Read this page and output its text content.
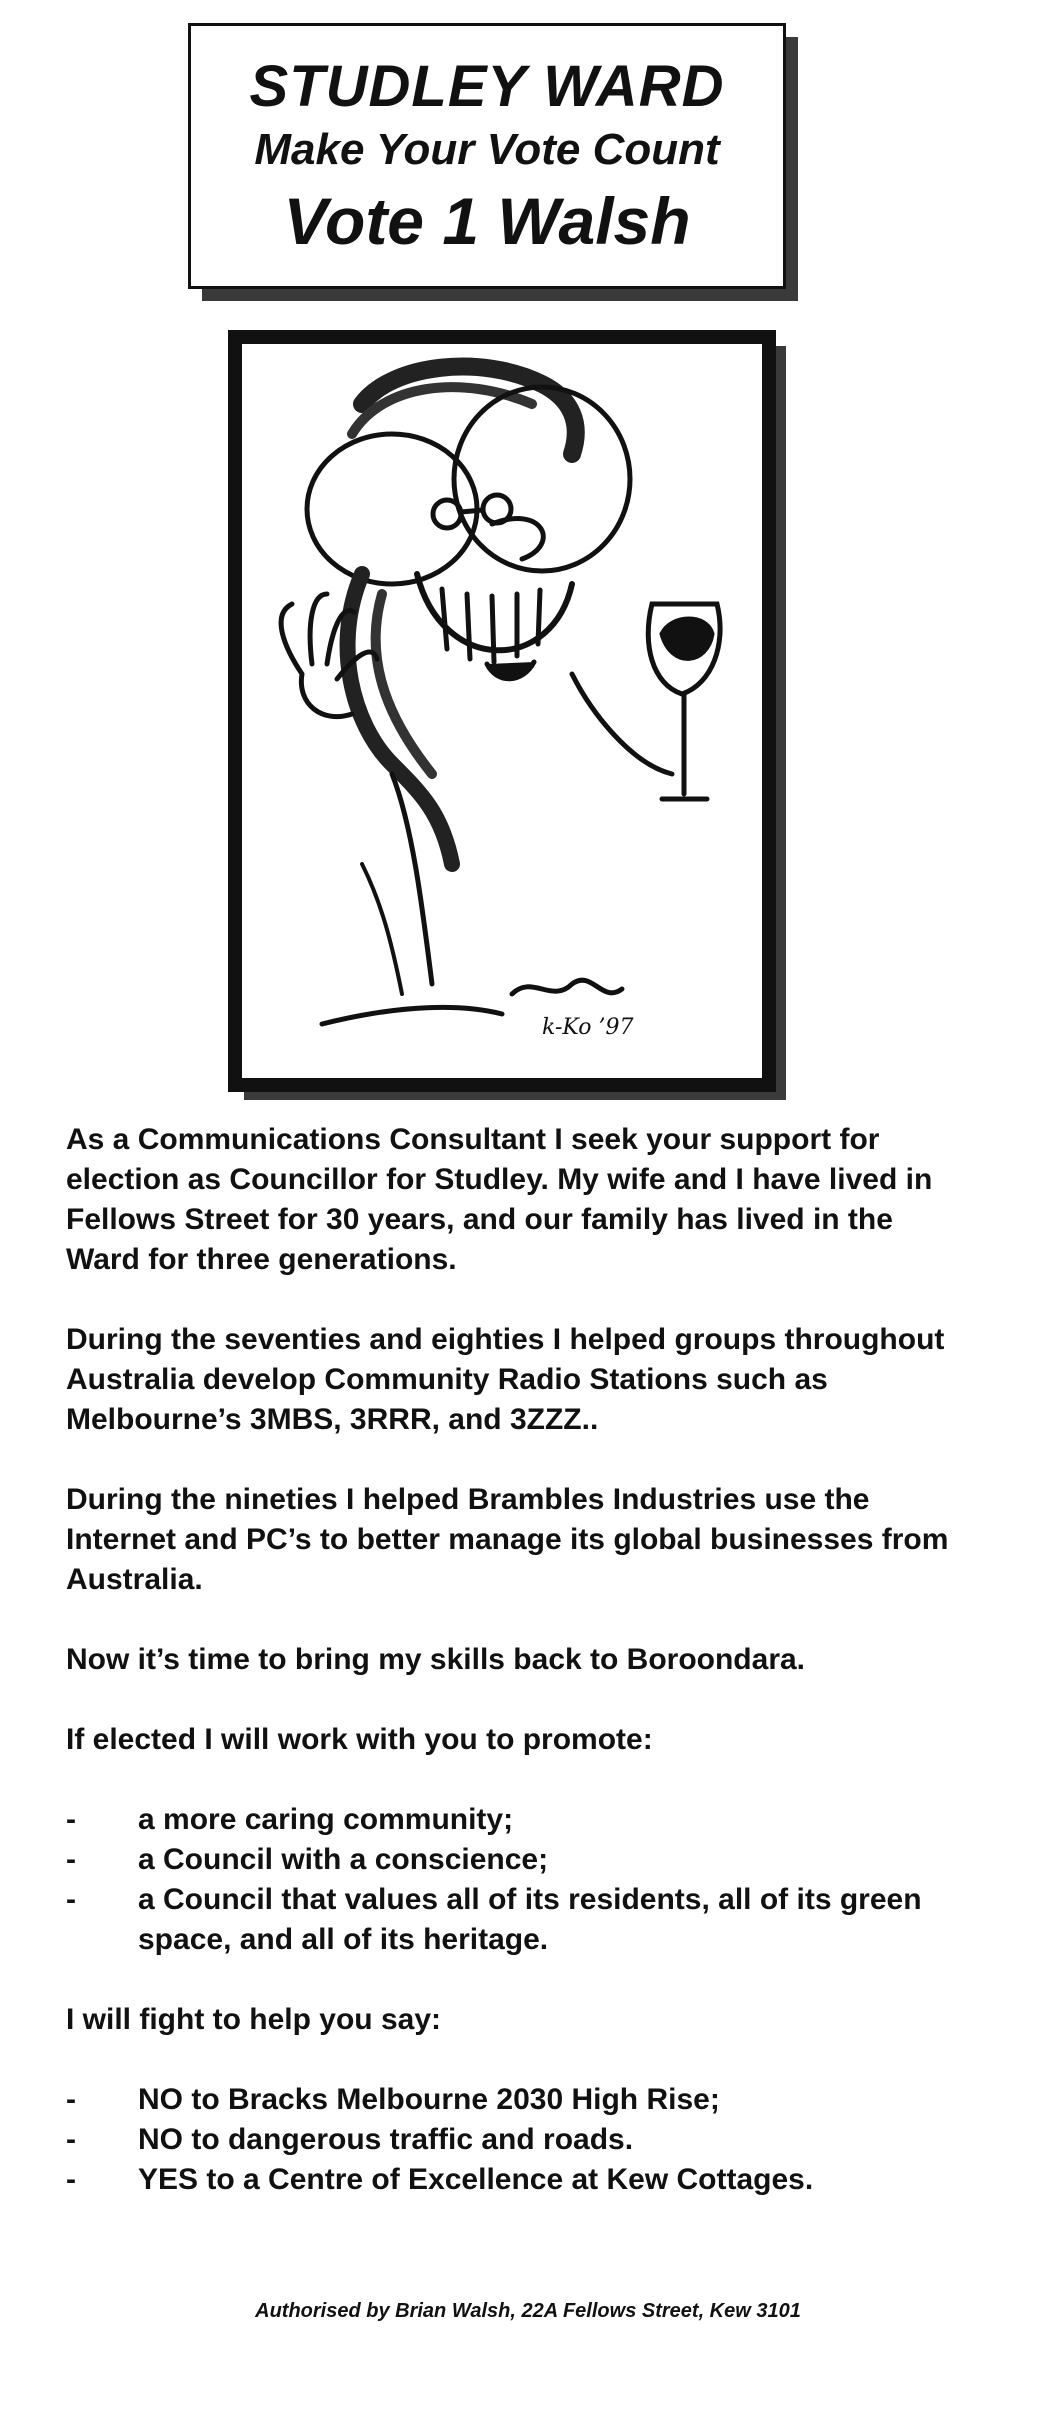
STUDLEY WARD
Make Your Vote Count
Vote 1 Walsh
k-Ko ’97

As a Communications Consultant I seek your support for election as Councillor for Studley. My wife and I have lived in Fellows Street for 30 years, and our family has lived in the Ward for three generations.

During the seventies and eighties I helped groups throughout Australia develop Community Radio Stations such as Melbourne’s 3MBS, 3RRR, and 3ZZZ..

During the nineties I helped Brambles Industries use the Internet and PC’s to better manage its global businesses from Australia.

Now it’s time to bring my skills back to Boroondara.

If elected I will work with you to promote:

-	a more caring community;
-	a Council with a conscience;
-	a Council that values all of its residents, all of its green space, and all of its heritage.

I will fight to help you say:

-	NO to Bracks Melbourne 2030 High Rise;
-	NO to dangerous traffic and roads.
-	YES to a Centre of Excellence at Kew Cottages.
Authorised by Brian Walsh, 22A Fellows Street, Kew 3101
